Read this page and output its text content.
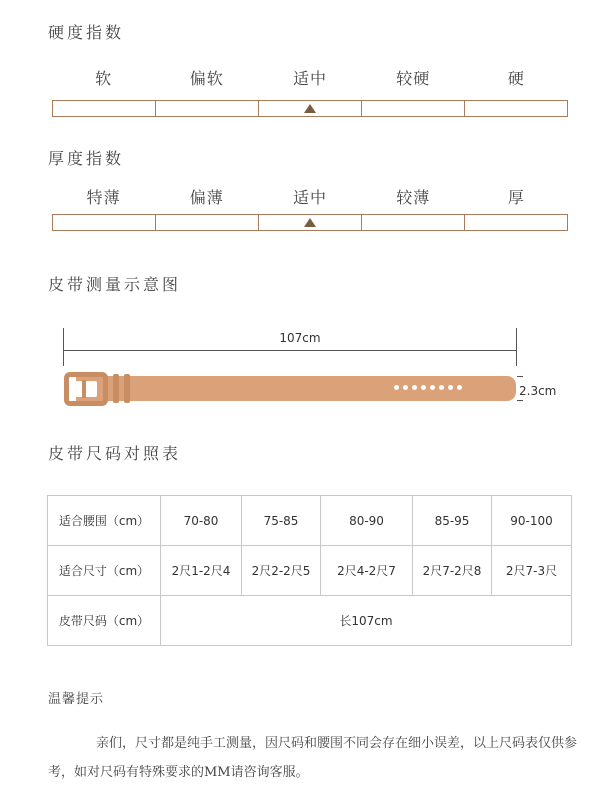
硬度指数
软	偏软	适中	较硬	硬
厚度指数
特薄	偏薄	适中	较薄	厚
皮带测量示意图
107cm
2.3cm
皮带尺码对照表
适合腰围（cm）	70-80	75-85	80-90	85-95	90-100
适合尺寸（cm）	2尺1-2尺4	2尺2-2尺5	2尺4-2尺7	2尺7-2尺8	2尺7-3尺
皮带尺码（cm）	长107cm				
温馨提示
亲们，尺寸都是纯手工测量，因尺码和腰围不同会存在细小误差，以上尺码表仅供参考，如对尺码有特殊要求的MM请咨询客服。
